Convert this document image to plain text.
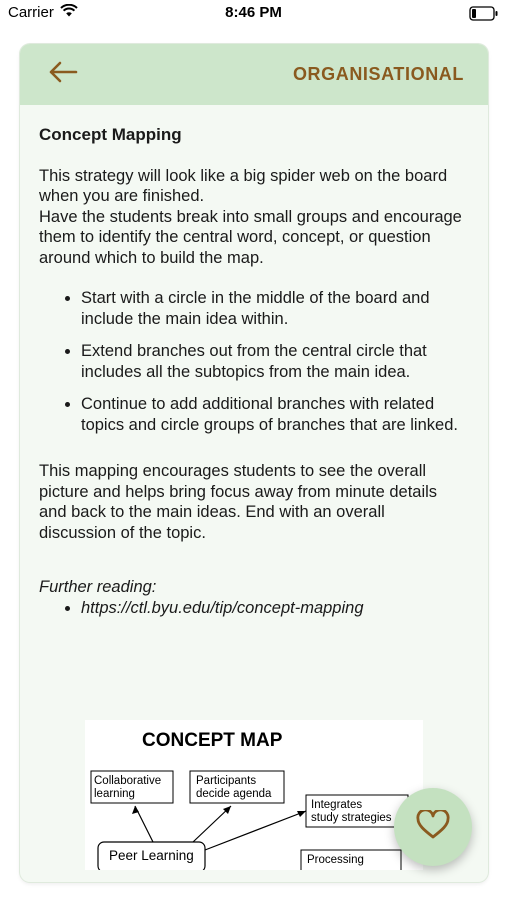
Carrier	8:46 PM
ORGANISATIONAL
Concept Mapping

This strategy will look like a big spider web on the board when you are finished.

Have the students break into small groups and encourage them to identify the central word, concept, or question around which to build the map.

• Start with a circle in the middle of the board and include the main idea within.
• Extend branches out from the central circle that includes all the subtopics from the main idea.
• Continue to add additional branches with related topics and circle groups of branches that are linked.

This mapping encourages students to see the overall picture and helps bring focus away from minute details and back to the main ideas. End with an overall discussion of the topic.

Further reading:
• https://ctl.byu.edu/tip/concept-mapping
CONCEPT MAP
Collaborative
learning
Participants
decide agenda
Integrates
study strategies
Peer Learning	Processing
